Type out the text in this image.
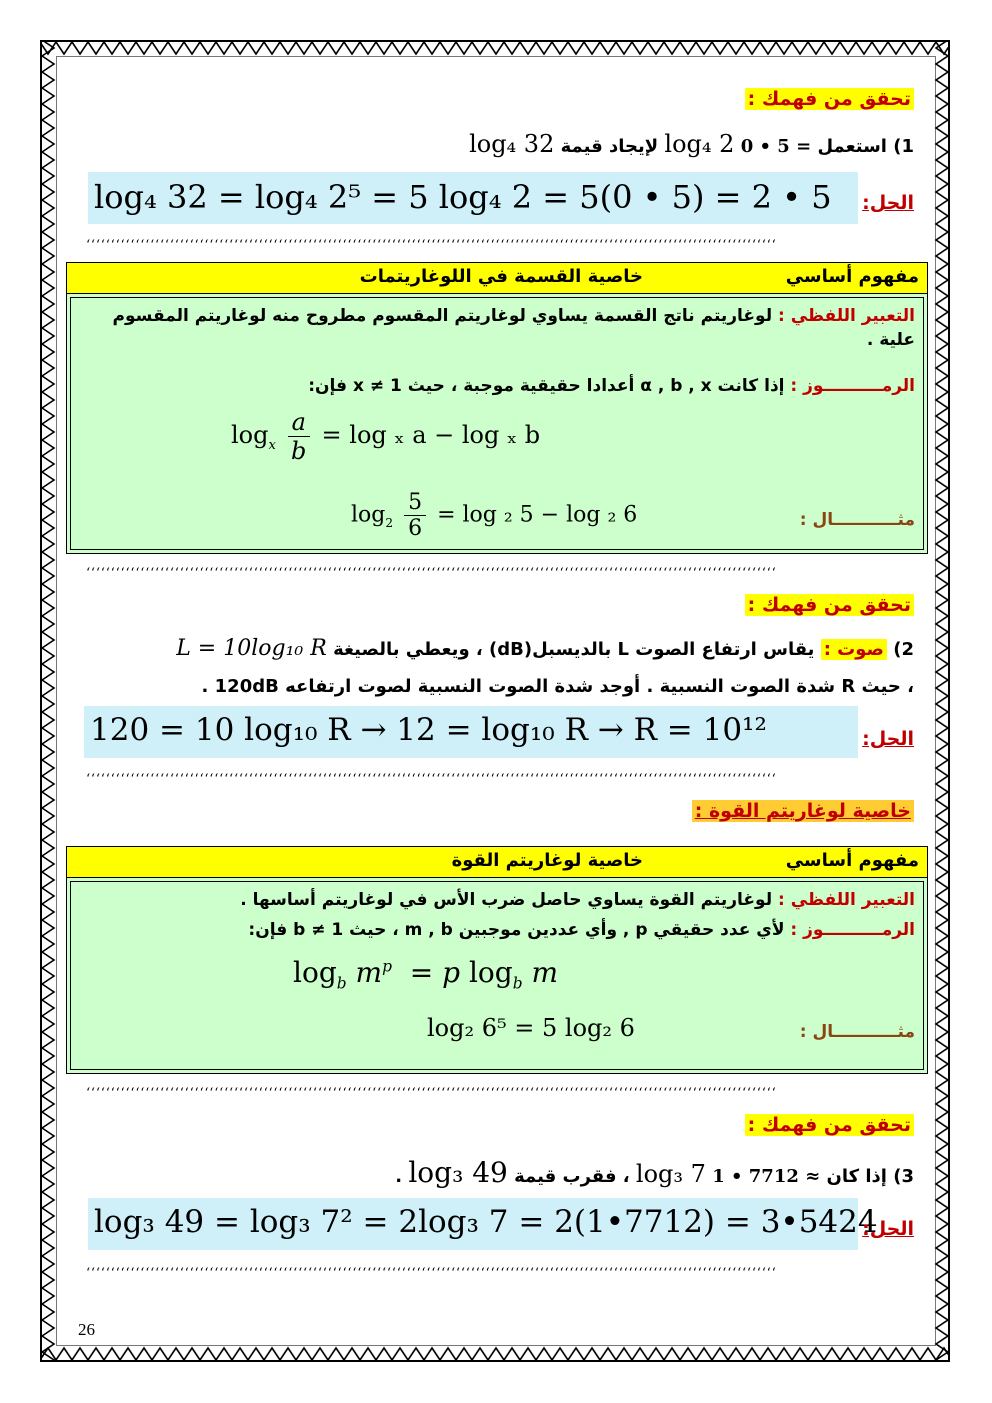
تحقق من فهمك :
1) استعمل 0 • 5 = log₄ 2 لإيجاد قيمة log₄ 32
log₄ 32 = log₄ 2⁵ = 5 log₄ 2 = 5(0 • 5) = 2 • 5 الحل:
‘‘‘‘‘‘‘‘‘‘‘‘‘‘‘‘‘‘‘‘‘‘‘‘‘‘‘‘‘‘‘‘‘‘‘‘‘‘‘‘‘‘‘‘‘‘‘‘‘‘‘‘‘‘‘‘‘‘‘‘‘‘‘‘‘‘‘‘‘‘‘‘‘‘‘‘‘‘‘‘‘‘‘‘‘‘‘‘‘‘‘‘‘‘‘‘‘‘‘‘‘‘‘‘‘‘‘‘‘‘‘‘‘‘‘‘‘‘‘‘‘‘‘‘‘‘‘‘‘‘‘‘‘‘‘‘‘‘‘‘
مفهوم أساسي
خاصية القسمة في اللوغاريتمات
التعبير اللفظي : لوغاريتم ناتج القسمة يساوي لوغاريتم المقسوم مطروح منه لوغاريتم المقسوم علية .
الرمــــــــــوز : إذا كانت α , b , x أعدادا حقيقية موجبة ، حيث x ≠ 1 فإن:
$\log_x \frac{a}{b} = \log _x$ a − log ₓ b
مثـــــــــــال :
$\log_2 \frac{5}{6} = \log _2$ 5 − log ₂ 6
‘‘‘‘‘‘‘‘‘‘‘‘‘‘‘‘‘‘‘‘‘‘‘‘‘‘‘‘‘‘‘‘‘‘‘‘‘‘‘‘‘‘‘‘‘‘‘‘‘‘‘‘‘‘‘‘‘‘‘‘‘‘‘‘‘‘‘‘‘‘‘‘‘‘‘‘‘‘‘‘‘‘‘‘‘‘‘‘‘‘‘‘‘‘‘‘‘‘‘‘‘‘‘‘‘‘‘‘‘‘‘‘‘‘‘‘‘‘‘‘‘‘‘‘‘‘‘‘‘‘‘‘‘‘‘‘‘‘‘‘
تحقق من فهمك :
2) صوت : يقاس ارتفاع الصوت L بالديسبل(dB) ، ويعطي بالصيغة L = 10log₁₀ R
، حيث R شدة الصوت النسبية . أوجد شدة الصوت النسبية لصوت ارتفاعه 120dB .
120 = 10 log₁₀ R → 12 = log₁₀ R → R = 10¹²	الحل:
‘‘‘‘‘‘‘‘‘‘‘‘‘‘‘‘‘‘‘‘‘‘‘‘‘‘‘‘‘‘‘‘‘‘‘‘‘‘‘‘‘‘‘‘‘‘‘‘‘‘‘‘‘‘‘‘‘‘‘‘‘‘‘‘‘‘‘‘‘‘‘‘‘‘‘‘‘‘‘‘‘‘‘‘‘‘‘‘‘‘‘‘‘‘‘‘‘‘‘‘‘‘‘‘‘‘‘‘‘‘‘‘‘‘‘‘‘‘‘‘‘‘‘‘‘‘‘‘‘‘‘‘‘‘‘‘‘‘‘‘
خاصية لوغاريتم القوة :
مفهوم أساسي
خاصية لوغاريتم القوة
التعبير اللفظي : لوغاريتم القوة يساوي حاصل ضرب الأس في لوغاريتم أساسها .
الرمــــــــــوز : لأي عدد حقيقي p , وأي عددين موجبين m , b ، حيث b ≠ 1 فإن:
$\log_b m^p = p$ $\log_b m$
مثـــــــــــال :
log₂ 6⁵ = 5 log₂ 6
‘‘‘‘‘‘‘‘‘‘‘‘‘‘‘‘‘‘‘‘‘‘‘‘‘‘‘‘‘‘‘‘‘‘‘‘‘‘‘‘‘‘‘‘‘‘‘‘‘‘‘‘‘‘‘‘‘‘‘‘‘‘‘‘‘‘‘‘‘‘‘‘‘‘‘‘‘‘‘‘‘‘‘‘‘‘‘‘‘‘‘‘‘‘‘‘‘‘‘‘‘‘‘‘‘‘‘‘‘‘‘‘‘‘‘‘‘‘‘‘‘‘‘‘‘‘‘‘‘‘‘‘‘‘‘‘‘‘‘‘
تحقق من فهمك :
3) إذا كان 1 • 7712 ≈ log₃ 7 ، فقرب قيمة log₃ 49 .
log₃ 49 = log₃ 7² = 2log₃ 7 = 2(1•7712) = 3•5424
الحل:
‘‘‘‘‘‘‘‘‘‘‘‘‘‘‘‘‘‘‘‘‘‘‘‘‘‘‘‘‘‘‘‘‘‘‘‘‘‘‘‘‘‘‘‘‘‘‘‘‘‘‘‘‘‘‘‘‘‘‘‘‘‘‘‘‘‘‘‘‘‘‘‘‘‘‘‘‘‘‘‘‘‘‘‘‘‘‘‘‘‘‘‘‘‘‘‘‘‘‘‘‘‘‘‘‘‘‘‘‘‘‘‘‘‘‘‘‘‘‘‘‘‘‘‘‘‘‘‘‘‘‘‘‘‘‘‘‘‘‘‘
26
